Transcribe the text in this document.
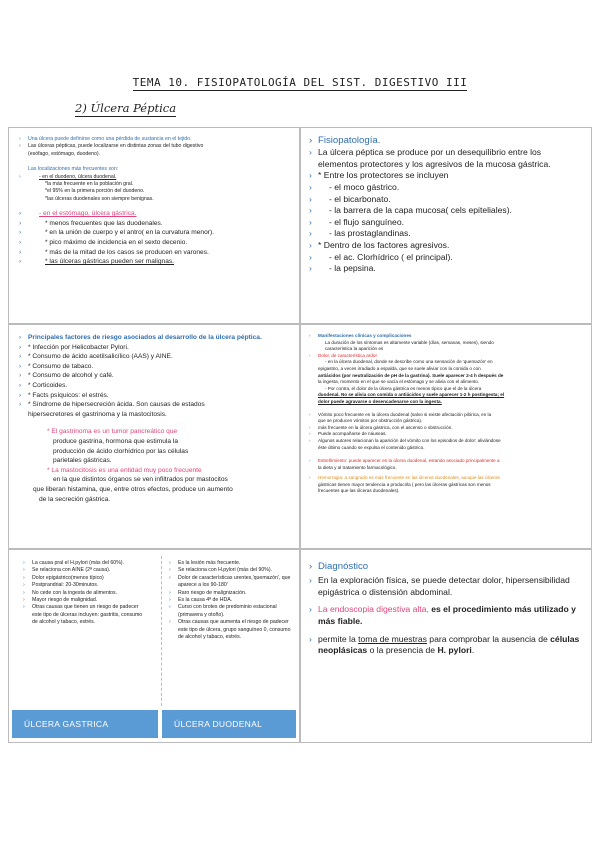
TEMA 10. FISIOPATOLOGÍA DEL SIST. DIGESTIVO III
2) Úlcera Péptica
› Una úlcera puede definirse como una pérdida de sustancia en el tejido.
› Las úlceras pépticas, puede localizarse en distintas zonas del tubo digestivo
(esófago, estómago, duodeno).
Las localizaciones más frecuentes son:
› - en el duodeno, úlcera duodenal.
*la más frecuente en la población gral.
*el 95% en la primera porción del duodeno.
*las úlceras duodenales son siempre benignas.
› - en el estómago, úlcera gástrica.
› * menos frecuentes que las duodenales.
› * en la unión de cuerpo y el antro( en la curvatura menor).
› * pico máximo de incidencia en el sexto decenio.
› * más de la mitad de los casos se producen en varones.
› * las úlceras gástricas pueden ser malignas.
› Fisiopatología.
› La úlcera péptica se produce por un desequilibrio entre los elementos protectores y los agresivos de la mucosa gástrica.
› * Entre los protectores se incluyen
› - el moco gástrico.
› - el bicarbonato.
› - la barrera de la capa mucosa( cels epiteliales).
› - el flujo sanguíneo.
› - las prostaglandinas.
› * Dentro de los factores agresivos.
› - el ac. Clorhídrico ( el principal).
› - la pepsina.
› Principales factores de riesgo asociados al desarrollo de la úlcera péptica.
› * Infección por Helicobacter Pylori.
› * Consumo de ácido acetilsalicílico (AAS) y AINE.
› * Consumo de tabaco.
› * Consumo de alcohol y café.
› * Corticoides.
› * Facts psíquicos: el estrés.
› * Síndrome de hipersecreción ácida. Son causas de estados
hipersecretores el gastrinoma y la mastocitosis.
* El gastrinoma es un tumor pancreático que
produce gastrina, hormona que estimula la
producción de ácido clorhídrico por las células
parietales gástricas.
* La mastocitosis es una entidad muy poco frecuente
en la que distintos órganos se ven infiltrados por mastocitos
que liberan histamina, que, entre otros efectos, produce un aumento
de la secreción gástrica.
› Manifestaciones clínicas y complicaciones
La duración de los síntomas es altamente variable (días, semanas, meses), siendo
característica la aparición es
› Dolor, de característica ardor
- en la úlcera duodenal, donde se describe como una sensación de 'quemazón' en
epigastrio, a veces irradiado a espalda, que se suele aliviar con la comida o con
antiácidos (por neutralización de pH de la gastrina). Suele aparecer 2-4 h después de
la ingesta, momento en el que se vacía el estómago y se alivia con el alimento.
- Por contra, el dolor de la úlcera gástrica es menos típico que el de la úlcera
duodenal. No se alivia con comida o antiácidos y suele aparecer 1-2 h postingesta; el
dolor puede agravarse o desencadenarse con la ingesta.
› Vómito poco frecuente en la úlcera duodenal (salvo si existe afectación pilórica, en la
que se producen vómitos por obstrucción gástrica).
› más frecuente en la úlcera gástrica, con el ascenso o obstrucción.
› Puede acompañarse de náuseas.
› Algunos autores relacionan la aparición del vómito con los episodios de dolor: aliviándose
éste último cuando se expulsa el contenido gástrico.
› Estreñimiento: puede aparecer en la úlcera duodenal, estando asociado principalmente a
la dieta y al tratamiento farmacológico.
› Hemorragia: a sangrado es más frecuente en las úlceras duodenales, aunque las úlceras
gástricas tienen mayor tendencia a producirla ( pero las úlceras gástricas son menos
frecuentes que las úlceras duodenales).
› La causa pral el H.pylori (más del 60%).
› Se relaciona con AINE (2ª causa).
› Dolor epigástrico(menos típico)
› Postprandrial: 20-30minutos.
› No cede con la ingesta de alimentos.
› Mayor riesgo de malignidad.
› Otras causas que tienen un riesgo de padecer este tipo de úlceras incluyen: gastritis, consumo de alcohol y tabaco, estrés.
› Es la lesión más frecuente.
› Se relaciona con H.pylori (más del 90%).
› Dolor de características urentes,'quemazón', que aparece a los 90-180'
› Raro riesgo de malignización.
› Es la causa 4ª de HDA.
› Curso con brotes de predominio estacional (primavera y otoño).
› Otras causas que aumenta el riesgo de padecer este tipo de úlcera, grupo sanguíneo 0, consumo de alcohol y tabaco, estrés.
ÚLCERA GASTRICA	ÚLCERA DUODENAL
› Diagnóstico
› En la exploración física, se puede detectar dolor, hipersensibilidad epigástrica o distensión abdominal.
› La endoscopia digestiva alta, es el procedimiento más utilizado y más fiable.
› permite la toma de muestras para comprobar la ausencia de células neoplásicas o la presencia de H. pylori.
